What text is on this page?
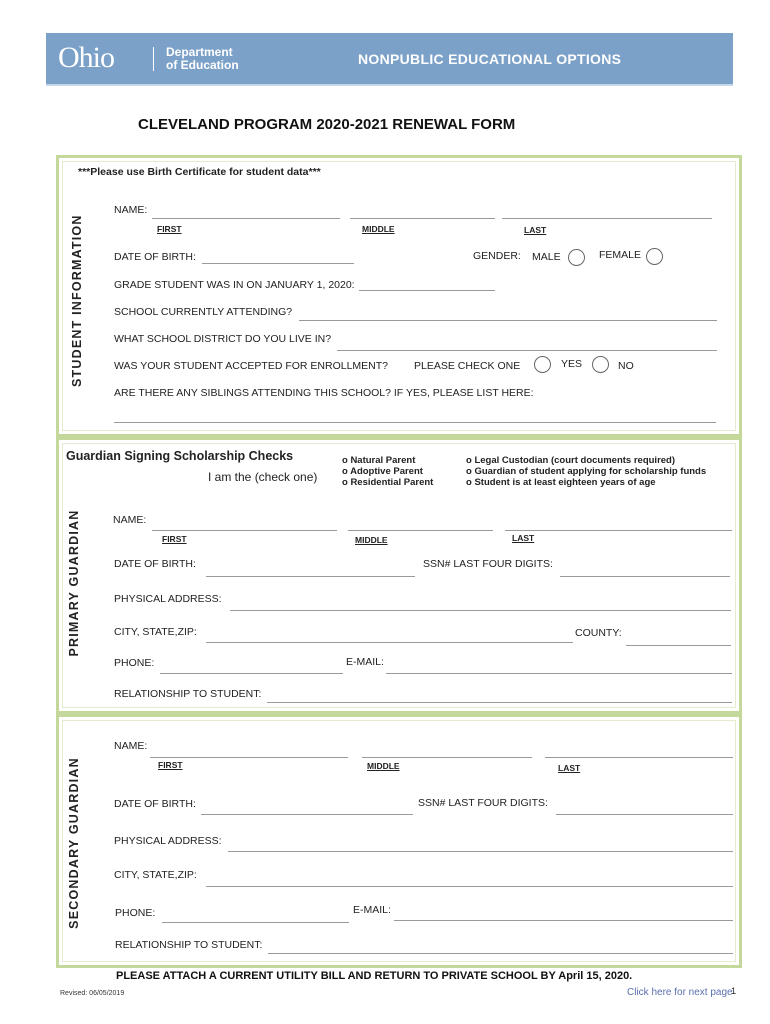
Ohio	Department
of Education	NONPUBLIC EDUCATIONAL OPTIONS
CLEVELAND PROGRAM 2020-2021 RENEWAL FORM
STUDENT INFORMATION
***Please use Birth Certificate for student data***
NAME:
FIRST	MIDDLE	LAST
DATE OF BIRTH:	GENDER: MALE	FEMALE
GRADE STUDENT WAS IN ON JANUARY 1, 2020:
SCHOOL CURRENTLY ATTENDING?
WHAT SCHOOL DISTRICT DO YOU LIVE IN?
WAS YOUR STUDENT ACCEPTED FOR ENROLLMENT? PLEASE CHECK ONE	YES	NO
ARE THERE ANY SIBLINGS ATTENDING THIS SCHOOL? IF YES, PLEASE LIST HERE:
PRIMARY GUARDIAN
Guardian Signing Scholarship Checks
I am the (check one)
o Natural Parent
o Adoptive Parent
o Residential Parent
o Legal Custodian (court documents required)
o Guardian of student applying for scholarship funds
o Student is at least eighteen years of age
NAME:
FIRST	MIDDLE	LAST
DATE OF BIRTH:	SSN# LAST FOUR DIGITS:
PHYSICAL ADDRESS:
CITY, STATE,ZIP:	COUNTY:
PHONE:	E-MAIL:
RELATIONSHIP TO STUDENT:
SECONDARY GUARDIAN
NAME:
FIRST	MIDDLE	LAST
DATE OF BIRTH:	SSN# LAST FOUR DIGITS:
PHYSICAL ADDRESS:
CITY, STATE,ZIP:
PHONE:	E-MAIL:
RELATIONSHIP TO STUDENT:
PLEASE ATTACH A CURRENT UTILITY BILL AND RETURN TO PRIVATE SCHOOL BY April 15, 2020.
Revised: 06/05/2019	Click here for next page
1
